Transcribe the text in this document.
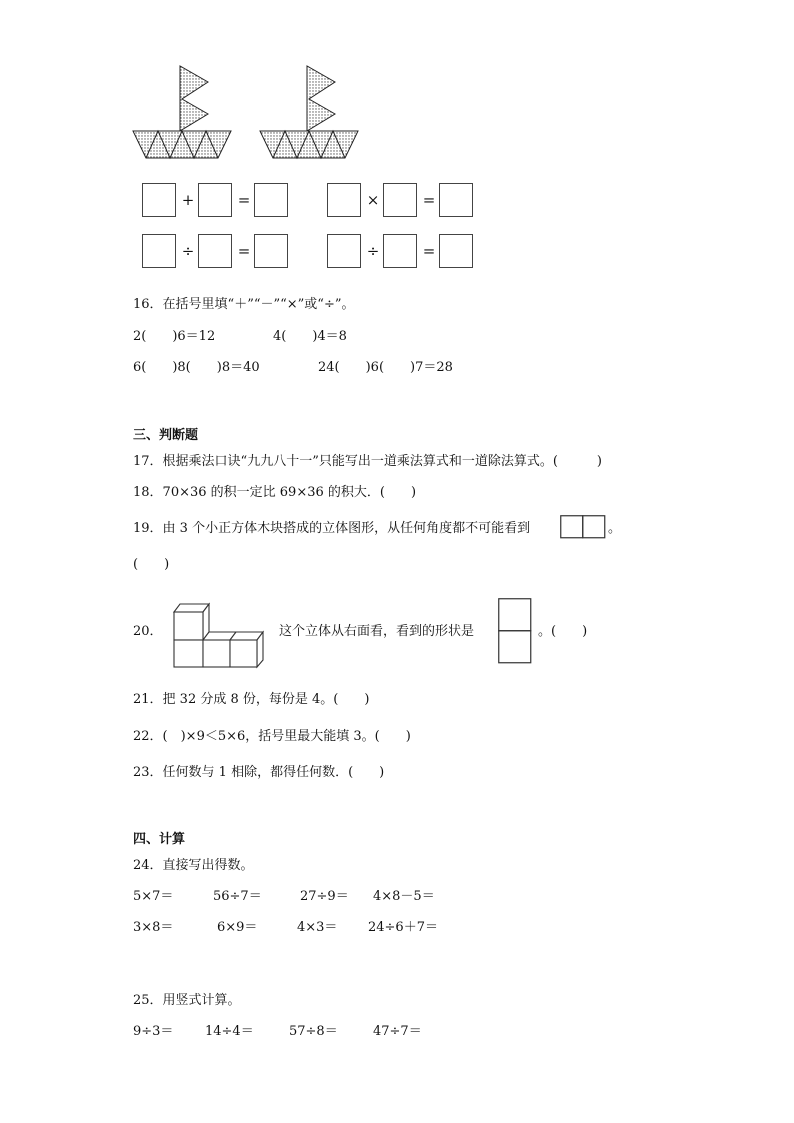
+	=	×	=
÷	=	÷	=
16．在括号里填“＋”“－”“×”或“÷”。
2(　　)6＝12	4(　　)4＝8
6(　　)8(　　)8＝40	24(　　)6(　　)7＝28
三、判断题
17．根据乘法口诀“九九八十一”只能写出一道乘法算式和一道除法算式。(　　　)
18．70×36 的积一定比 69×36 的积大．(　　)
19．由 3 个小正方体木块搭成的立体图形，从任何角度都不可能看到	。
(　　)
20．	这个立体从右面看，看到的形状是	。(　　)
21．把 32 分成 8 份，每份是 4。(　　)
22．(　)×9＜5×6，括号里最大能填 3。(　　)
23．任何数与 1 相除，都得任何数．(　　)
四、计算
24．直接写出得数。
5×7＝	56÷7＝	27÷9＝ 4×8－5＝
3×8＝	6×9＝	4×3＝ 24÷6＋7＝
25．用竖式计算。
9÷3＝ 14÷4＝	57÷8＝	47÷7＝
